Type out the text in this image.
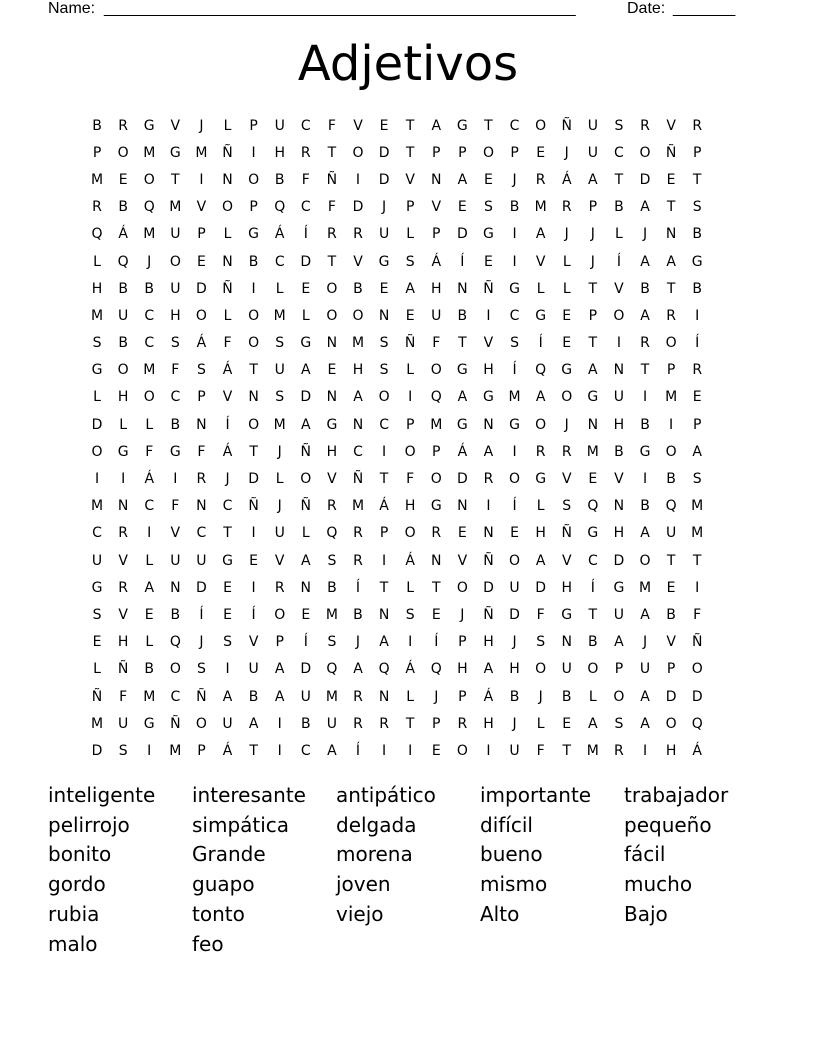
Name: _____________________________________________________	Date: _______
Adjetivos
B	R	G	V	J	L	P	U	C	F	V	E	T	A	G	T	C	O	Ñ	U	S	R	V	R
P	O	M	G	M	Ñ	I	H	R	T	O	D	T	P	P	O	P	E	J	U	C	O	Ñ	P
M	E	O	T	I	N	O	B	F	Ñ	I	D	V	N	A	E	J	R	Á	A	T	D	E	T
R	B	Q	M	V	O	P	Q	C	F	D	J	P	V	E	S	B	M	R	P	B	A	T	S
Q	Á	M	U	P	L	G	Á	Í	R	R	U	L	P	D	G	I	A	J	J	L	J	N	B
L	Q	J	O	E	N	B	C	D	T	V	G	S	Á	Í	E	I	V	L	J	Í	A	A	G
H	B	B	U	D	Ñ	I	L	E	O	B	E	A	H	N	Ñ	G	L	L	T	V	B	T	B
M	U	C	H	O	L	O	M	L	O	O	N	E	U	B	I	C	G	E	P	O	A	R	I
S	B	C	S	Á	F	O	S	G	N	M	S	Ñ	F	T	V	S	Í	E	T	I	R	O	Í
G	O	M	F	S	Á	T	U	A	E	H	S	L	O	G	H	Í	Q	G	A	N	T	P	R
L	H	O	C	P	V	N	S	D	N	A	O	I	Q	A	G	M	A	O	G	U	I	M	E
D	L	L	B	N	Í	O	M	A	G	N	C	P	M	G	N	G	O	J	N	H	B	I	P
O	G	F	G	F	Á	T	J	Ñ	H	C	I	O	P	Á	A	I	R	R	M	B	G	O	A
I	I	Á	I	R	J	D	L	O	V	Ñ	T	F	O	D	R	O	G	V	E	V	I	B	S
M	N	C	F	N	C	Ñ	J	Ñ	R	M	Á	H	G	N	I	Í	L	S	Q	N	B	Q	M
C	R	I	V	C	T	I	U	L	Q	R	P	O	R	E	N	E	H	Ñ	G	H	A	U	M
U	V	L	U	U	G	E	V	A	S	R	I	Á	N	V	Ñ	O	A	V	C	D	O	T	T
G	R	A	N	D	E	I	R	N	B	Í	T	L	T	O	D	U	D	H	Í	G	M	E	I
S	V	E	B	Í	E	Í	O	E	M	B	N	S	E	J	Ñ	D	F	G	T	U	A	B	F
E	H	L	Q	J	S	V	P	Í	S	J	A	I	Í	P	H	J	S	N	B	A	J	V	Ñ
L	Ñ	B	O	S	I	U	A	D	Q	A	Q	Á	Q	H	A	H	O	U	O	P	U	P	O
Ñ	F	M	C	Ñ	A	B	A	U	M	R	N	L	J	P	Á	B	J	B	L	O	A	D	D
M	U	G	Ñ	O	U	A	I	B	U	R	R	T	P	R	H	J	L	E	A	S	A	O	Q
D	S	I	M	P	Á	T	I	C	A	Í	I	I	E	O	I	U	F	T	M	R	I	H	Á
inteligente	interesante	antipático	importante	trabajador
pelirrojo	simpática	delgada	difícil	pequeño
bonito	Grande	morena	bueno	fácil
gordo	guapo	joven	mismo	mucho
rubia	tonto	viejo	Alto	Bajo
malo	feo
